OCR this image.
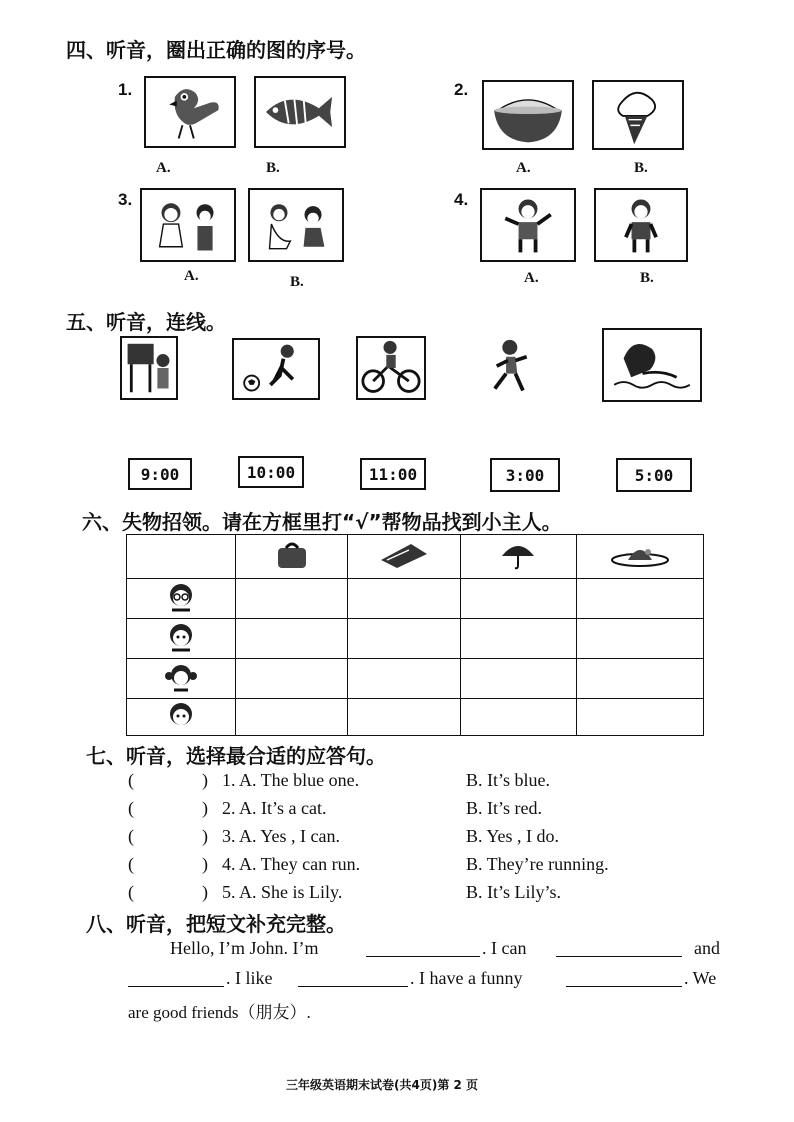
四、听音，圈出正确的图的序号。
1.
A.	B.
2.
A.	B.
3.
A.	B.
4.
A.	B.
五、听音，连线。
9:00	10:00	11:00	3:00	5:00
六、失物招领。请在方框里打“√”帮物品找到小主人。

七、听音，选择最合适的应答句。
(	) 1. A. The blue one.	B. It’s blue.
(	) 2. A. It’s a cat.	B. It’s red.
(	) 3. A. Yes , I can.	B. Yes , I do.
(	) 4. A. They can run.	B. They’re running.
(	) 5. A. She is Lily.	B. It’s Lily’s.
八、听音，把短文补充完整。
Hello, I’m John. I’m	. I can	and
. I like	. I have a funny	. We
are good friends（朋友）.
三年级英语期末试卷(共4页)第 2 页
